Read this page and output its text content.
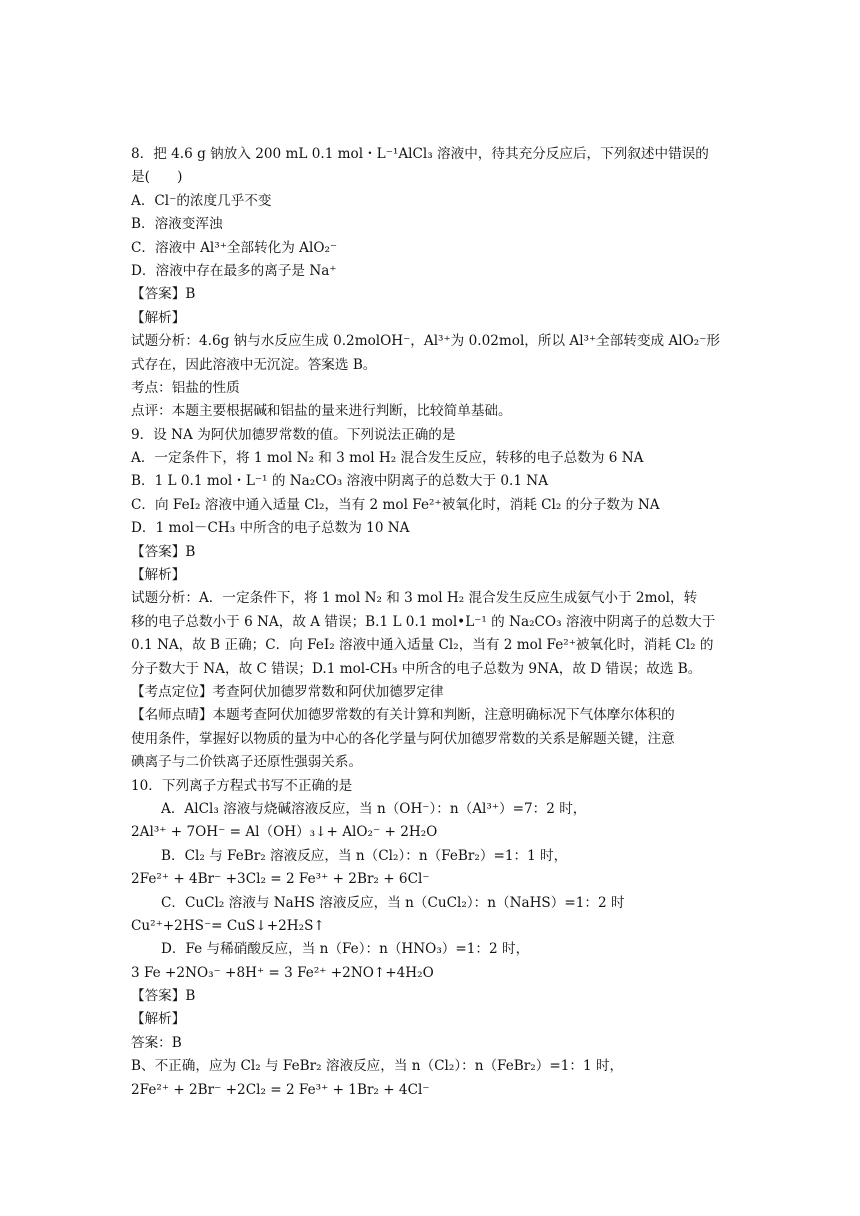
8．把 4.6 g 钠放入 200 mL 0.1 mol・L⁻¹AlCl₃ 溶液中，待其充分反应后，下列叙述中错误的
是(　　)
A．Cl⁻的浓度几乎不变
B．溶液变浑浊
C．溶液中 Al³⁺全部转化为 AlO₂⁻
D．溶液中存在最多的离子是 Na⁺
【答案】B
【解析】
试题分析：4.6g 钠与水反应生成 0.2molOH⁻，Al³⁺为 0.02mol，所以 Al³⁺全部转变成 AlO₂⁻形
式存在，因此溶液中无沉淀。答案选 B。
考点：铝盐的性质
点评：本题主要根据碱和铝盐的量来进行判断，比较简单基础。
9．设 NA 为阿伏加德罗常数的值。下列说法正确的是
A．一定条件下，将 1 mol N₂ 和 3 mol H₂ 混合发生反应，转移的电子总数为 6 NA
B．1 L 0.1 mol・L⁻¹ 的 Na₂CO₃ 溶液中阴离子的总数大于 0.1 NA
C．向 FeI₂ 溶液中通入适量 Cl₂，当有 2 mol Fe²⁺被氧化时，消耗 Cl₂ 的分子数为 NA
D．1 mol－CH₃ 中所含的电子总数为 10 NA
【答案】B
【解析】
试题分析：A．一定条件下，将 1 mol N₂ 和 3 mol H₂ 混合发生反应生成氨气小于 2mol，转
移的电子总数小于 6 NA，故 A 错误；B.1 L 0.1 mol•L⁻¹ 的 Na₂CO₃ 溶液中阴离子的总数大于
0.1 NA，故 B 正确；C．向 FeI₂ 溶液中通入适量 Cl₂，当有 2 mol Fe²⁺被氧化时，消耗 Cl₂ 的
分子数大于 NA，故 C 错误；D.1 mol-CH₃ 中所含的电子总数为 9NA，故 D 错误；故选 B。
【考点定位】考查阿伏加德罗常数和阿伏加德罗定律
【名师点晴】本题考查阿伏加德罗常数的有关计算和判断，注意明确标况下气体摩尔体积的
使用条件，掌握好以物质的量为中心的各化学量与阿伏加德罗常数的关系是解题关键，注意
碘离子与二价铁离子还原性强弱关系。
10．下列离子方程式书写不正确的是
A．AlCl₃ 溶液与烧碱溶液反应，当 n（OH⁻）：n（Al³⁺）=7：2 时，
2Al³⁺ + 7OH⁻ = Al（OH）₃↓+ AlO₂⁻ + 2H₂O
B．Cl₂ 与 FeBr₂ 溶液反应，当 n（Cl₂）：n（FeBr₂）=1：1 时，
2Fe²⁺ + 4Br⁻ +3Cl₂ = 2 Fe³⁺ + 2Br₂ + 6Cl⁻
C．CuCl₂ 溶液与 NaHS 溶液反应，当 n（CuCl₂）：n（NaHS）=1：2 时
Cu²⁺+2HS⁻= CuS↓+2H₂S↑
D．Fe 与稀硝酸反应，当 n（Fe）：n（HNO₃）=1：2 时，
3 Fe +2NO₃⁻ +8H⁺ = 3 Fe²⁺ +2NO↑+4H₂O
【答案】B
【解析】
答案：B
B、不正确，应为 Cl₂ 与 FeBr₂ 溶液反应，当 n（Cl₂）：n（FeBr₂）=1：1 时，
2Fe²⁺ + 2Br⁻ +2Cl₂ = 2 Fe³⁺ + 1Br₂ + 4Cl⁻
